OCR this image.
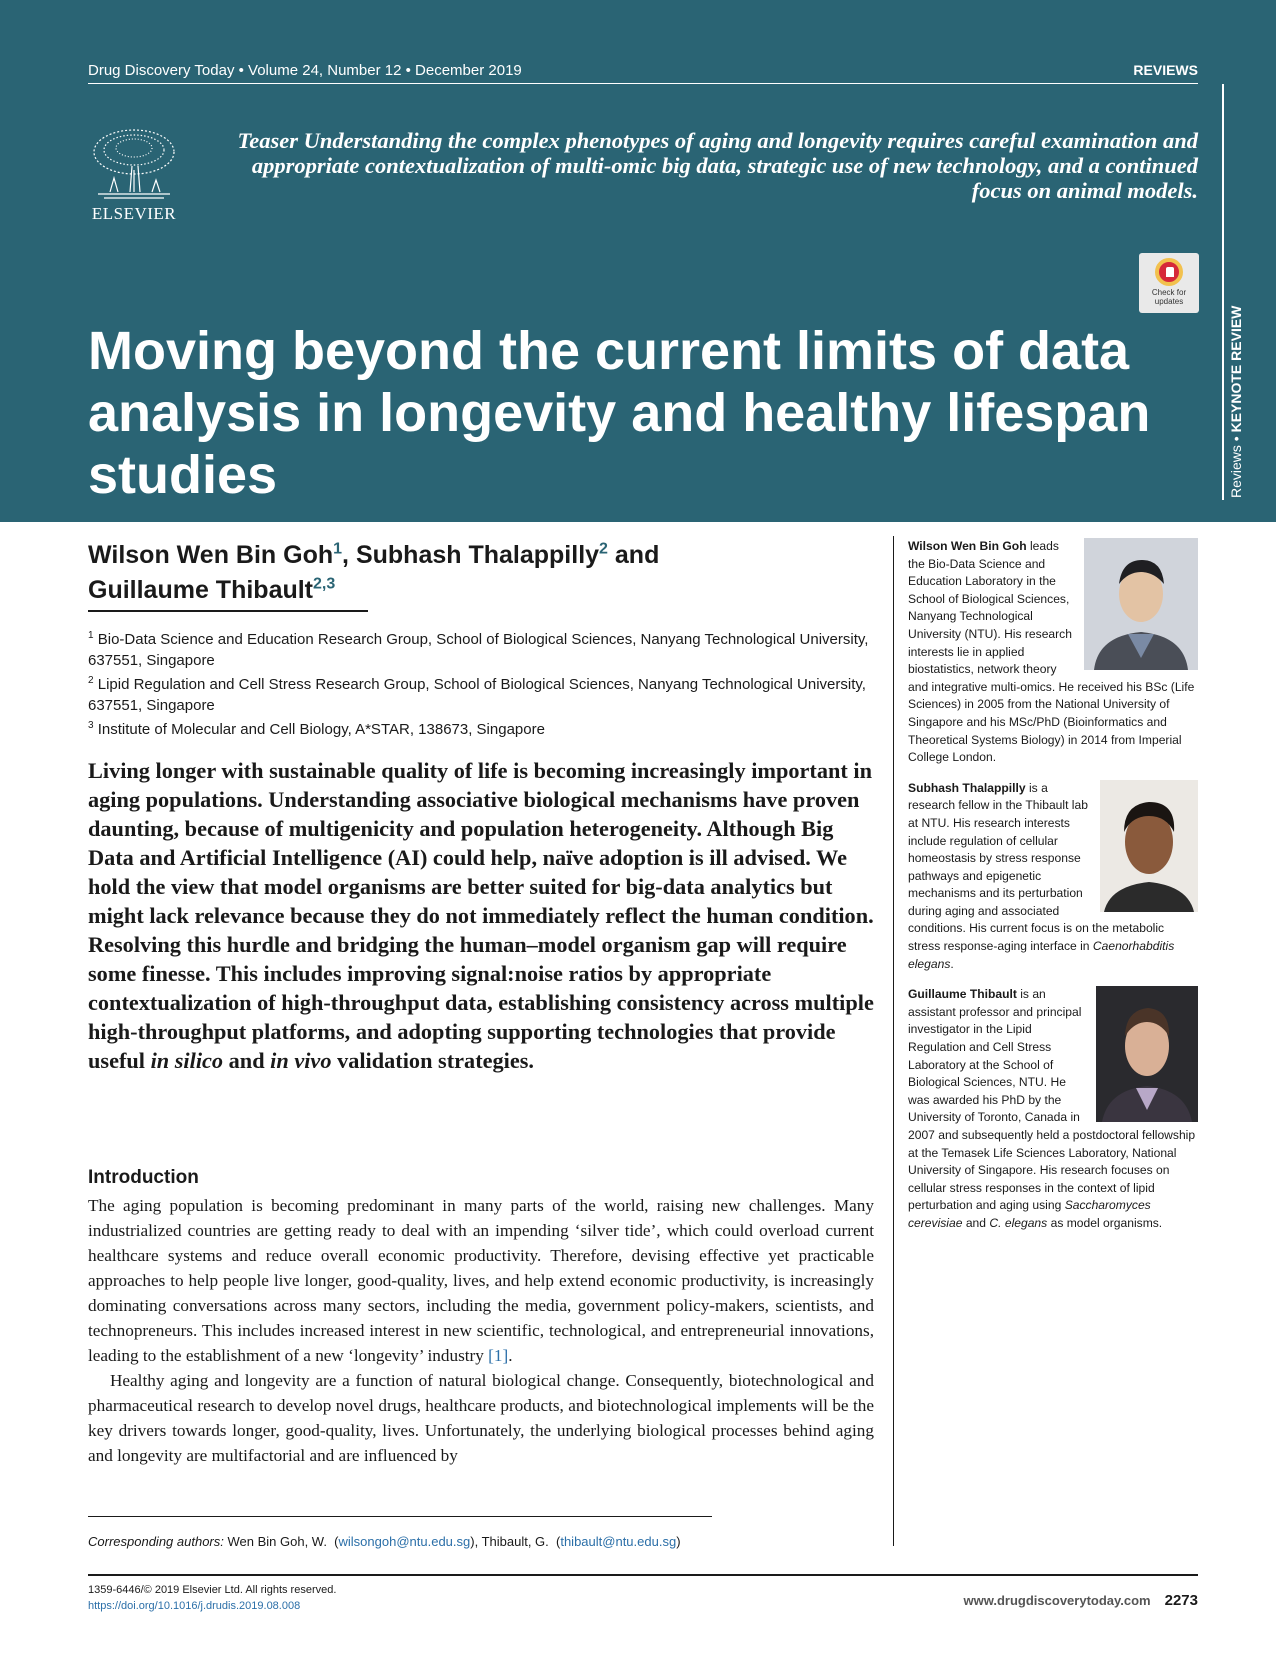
Drug Discovery Today • Volume 24, Number 12 • December 2019	REVIEWS
Reviews • KEYNOTE REVIEW
ELSEVIER
Teaser Understanding the complex phenotypes of aging and longevity requires careful examination and appropriate contextualization of multi-omic big data, strategic use of new technology, and a continued focus on animal models.
Check for
updates
Moving beyond the current limits of data analysis in longevity and healthy lifespan studies
Wilson Wen Bin Goh$^1$, Subhash Thalappilly$^2$ and
Guillaume Thibault$^{2,3}$
$^1$ Bio-Data Science and Education Research Group, School of Biological Sciences, Nanyang Technological University, 637551, Singapore
$^2$ Lipid Regulation and Cell Stress Research Group, School of Biological Sciences, Nanyang Technological University, 637551, Singapore
$^3$ Institute of Molecular and Cell Biology, A*STAR, 138673, Singapore
Living longer with sustainable quality of life is becoming increasingly important in aging populations. Understanding associative biological mechanisms have proven daunting, because of multigenicity and population heterogeneity. Although Big Data and Artificial Intelligence (AI) could help, naïve adoption is ill advised. We hold the view that model organisms are better suited for big-data analytics but might lack relevance because they do not immediately reflect the human condition. Resolving this hurdle and bridging the human–model organism gap will require some finesse. This includes improving signal:noise ratios by appropriate contextualization of high-throughput data, establishing consistency across multiple high-throughput platforms, and adopting supporting technologies that provide useful in silico and in vivo validation strategies.
Introduction

The aging population is becoming predominant in many parts of the world, raising new challenges. Many industrialized countries are getting ready to deal with an impending ‘silver tide’, which could overload current healthcare systems and reduce overall economic productivity. Therefore, devising effective yet practicable approaches to help people live longer, good-quality, lives, and help extend economic productivity, is increasingly dominating conversations across many sectors, including the media, government policy-makers, scientists, and technopreneurs. This includes increased interest in new scientific, technological, and entrepreneurial innovations, leading to the establishment of a new ‘longevity’ industry [1].

Healthy aging and longevity are a function of natural biological change. Consequently, biotechnological and pharmaceutical research to develop novel drugs, healthcare products, and biotechnological implements will be the key drivers towards longer, good-quality, lives. Unfortunately, the underlying biological processes behind aging and longevity are multifactorial and are influenced by

Wilson Wen Bin Goh leads the Bio-Data Science and Education Laboratory in the School of Biological Sciences, Nanyang Technological University (NTU). His research interests lie in applied biostatistics, network theory and integrative multi-omics. He received his BSc (Life Sciences) in 2005 from the National University of Singapore and his MSc/PhD (Bioinformatics and Theoretical Systems Biology) in 2014 from Imperial College London.
Subhash Thalappilly is a research fellow in the Thibault lab at NTU. His research interests include regulation of cellular homeostasis by stress response pathways and epigenetic mechanisms and its perturbation during aging and associated conditions. His current focus is on the metabolic stress response-aging interface in Caenorhabditis elegans.
Guillaume Thibault is an assistant professor and principal investigator in the Lipid Regulation and Cell Stress Laboratory at the School of Biological Sciences, NTU. He was awarded his PhD by the University of Toronto, Canada in 2007 and subsequently held a postdoctoral fellowship at the Temasek Life Sciences Laboratory, National University of Singapore. His research focuses on cellular stress responses in the context of lipid perturbation and aging using Saccharomyces cerevisiae and C. elegans as model organisms.
Corresponding authors: Wen Bin Goh, W.  (wilsongoh@ntu.edu.sg), Thibault, G.  (thibault@ntu.edu.sg)
1359-6446/© 2019 Elsevier Ltd. All rights reserved.
https://doi.org/10.1016/j.drudis.2019.08.008	www.drugdiscoverytoday.com 2273
